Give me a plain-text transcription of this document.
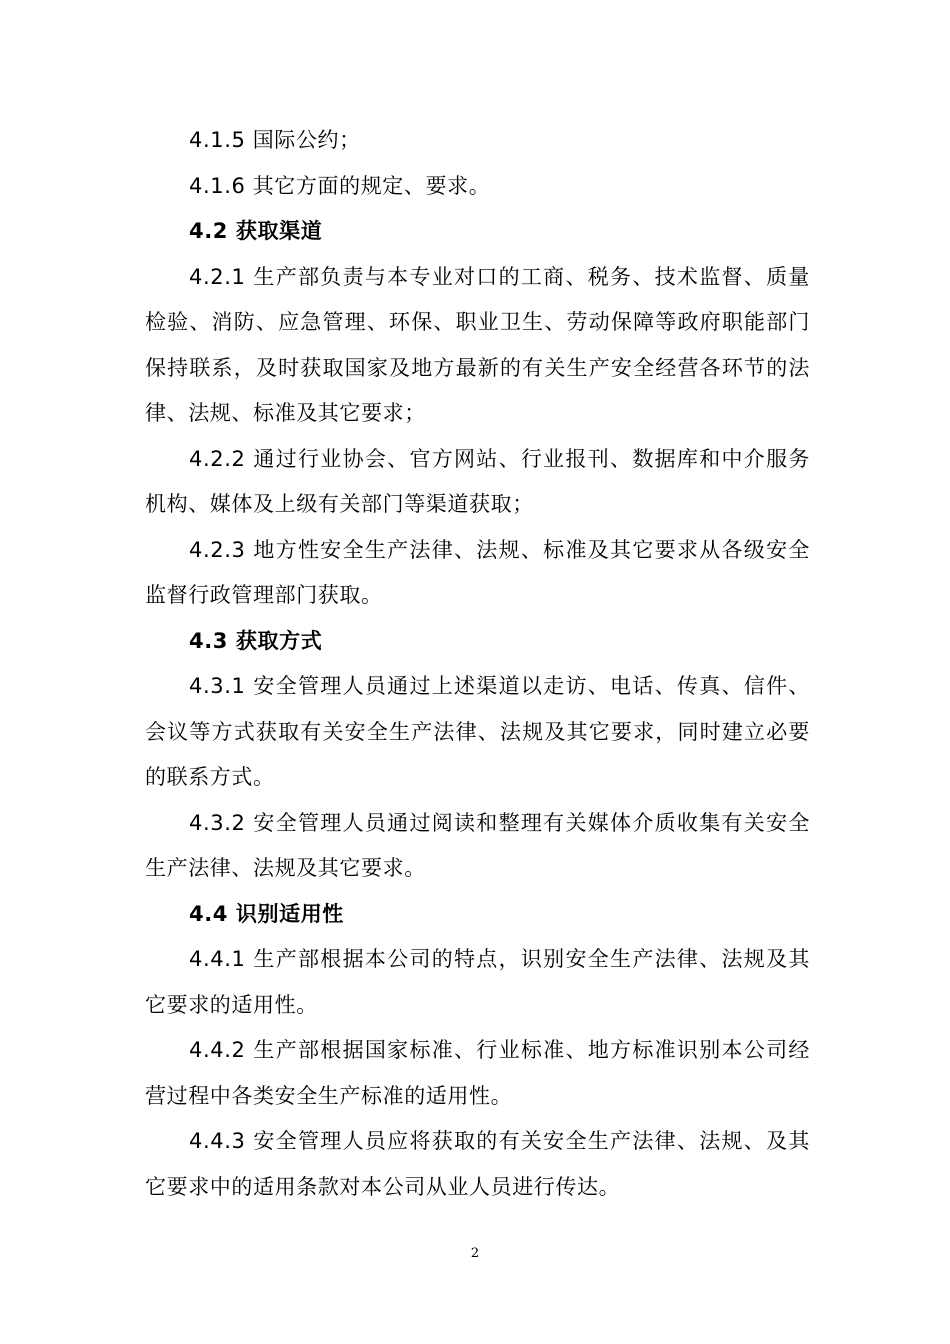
4.1.5 国际公约；

4.1.6 其它方面的规定、要求。

4.2 获取渠道

4.2.1 生产部负责与本专业对口的工商、税务、技术监督、质量检验、消防、应急管理、环保、职业卫生、劳动保障等政府职能部门保持联系，及时获取国家及地方最新的有关生产安全经营各环节的法律、法规、标准及其它要求；

4.2.2 通过行业协会、官方网站、行业报刊、数据库和中介服务机构、媒体及上级有关部门等渠道获取；

4.2.3 地方性安全生产法律、法规、标准及其它要求从各级安全监督行政管理部门获取。

4.3 获取方式

4.3.1 安全管理人员通过上述渠道以走访、电话、传真、信件、会议等方式获取有关安全生产法律、法规及其它要求，同时建立必要的联系方式。

4.3.2 安全管理人员通过阅读和整理有关媒体介质收集有关安全生产法律、法规及其它要求。

4.4 识别适用性

4.4.1 生产部根据本公司的特点，识别安全生产法律、法规及其它要求的适用性。

4.4.2 生产部根据国家标准、行业标准、地方标准识别本公司经营过程中各类安全生产标准的适用性。

4.4.3 安全管理人员应将获取的有关安全生产法律、法规、及其它要求中的适用条款对本公司从业人员进行传达。

2
